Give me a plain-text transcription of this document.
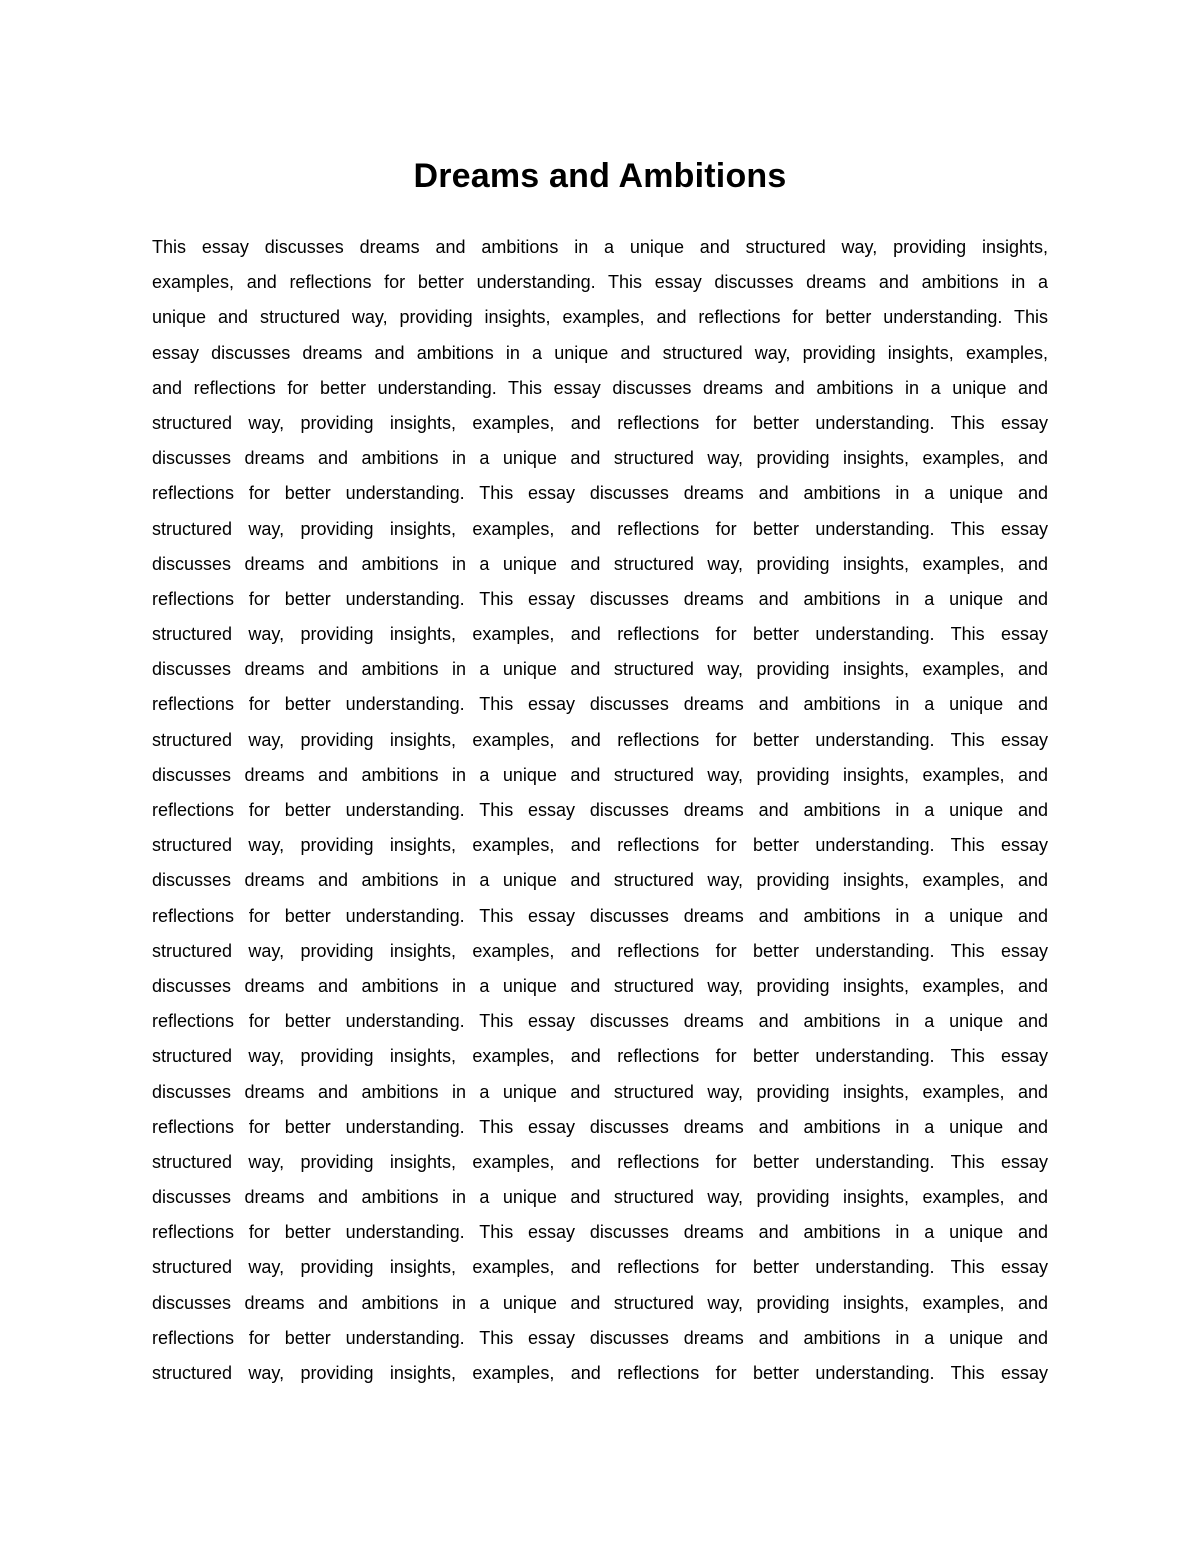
Dreams and Ambitions
This essay discusses dreams and ambitions in a unique and structured way, providing insights,
examples, and reflections for better understanding. This essay discusses dreams and ambitions in a
unique and structured way, providing insights, examples, and reflections for better understanding. This
essay discusses dreams and ambitions in a unique and structured way, providing insights, examples,
and reflections for better understanding. This essay discusses dreams and ambitions in a unique and
structured way, providing insights, examples, and reflections for better understanding. This essay
discusses dreams and ambitions in a unique and structured way, providing insights, examples, and
reflections for better understanding. This essay discusses dreams and ambitions in a unique and
structured way, providing insights, examples, and reflections for better understanding. This essay
discusses dreams and ambitions in a unique and structured way, providing insights, examples, and
reflections for better understanding. This essay discusses dreams and ambitions in a unique and
structured way, providing insights, examples, and reflections for better understanding. This essay
discusses dreams and ambitions in a unique and structured way, providing insights, examples, and
reflections for better understanding. This essay discusses dreams and ambitions in a unique and
structured way, providing insights, examples, and reflections for better understanding. This essay
discusses dreams and ambitions in a unique and structured way, providing insights, examples, and
reflections for better understanding. This essay discusses dreams and ambitions in a unique and
structured way, providing insights, examples, and reflections for better understanding. This essay
discusses dreams and ambitions in a unique and structured way, providing insights, examples, and
reflections for better understanding. This essay discusses dreams and ambitions in a unique and
structured way, providing insights, examples, and reflections for better understanding. This essay
discusses dreams and ambitions in a unique and structured way, providing insights, examples, and
reflections for better understanding. This essay discusses dreams and ambitions in a unique and
structured way, providing insights, examples, and reflections for better understanding. This essay
discusses dreams and ambitions in a unique and structured way, providing insights, examples, and
reflections for better understanding. This essay discusses dreams and ambitions in a unique and
structured way, providing insights, examples, and reflections for better understanding. This essay
discusses dreams and ambitions in a unique and structured way, providing insights, examples, and
reflections for better understanding. This essay discusses dreams and ambitions in a unique and
structured way, providing insights, examples, and reflections for better understanding. This essay
discusses dreams and ambitions in a unique and structured way, providing insights, examples, and
reflections for better understanding. This essay discusses dreams and ambitions in a unique and
structured way, providing insights, examples, and reflections for better understanding. This essay
